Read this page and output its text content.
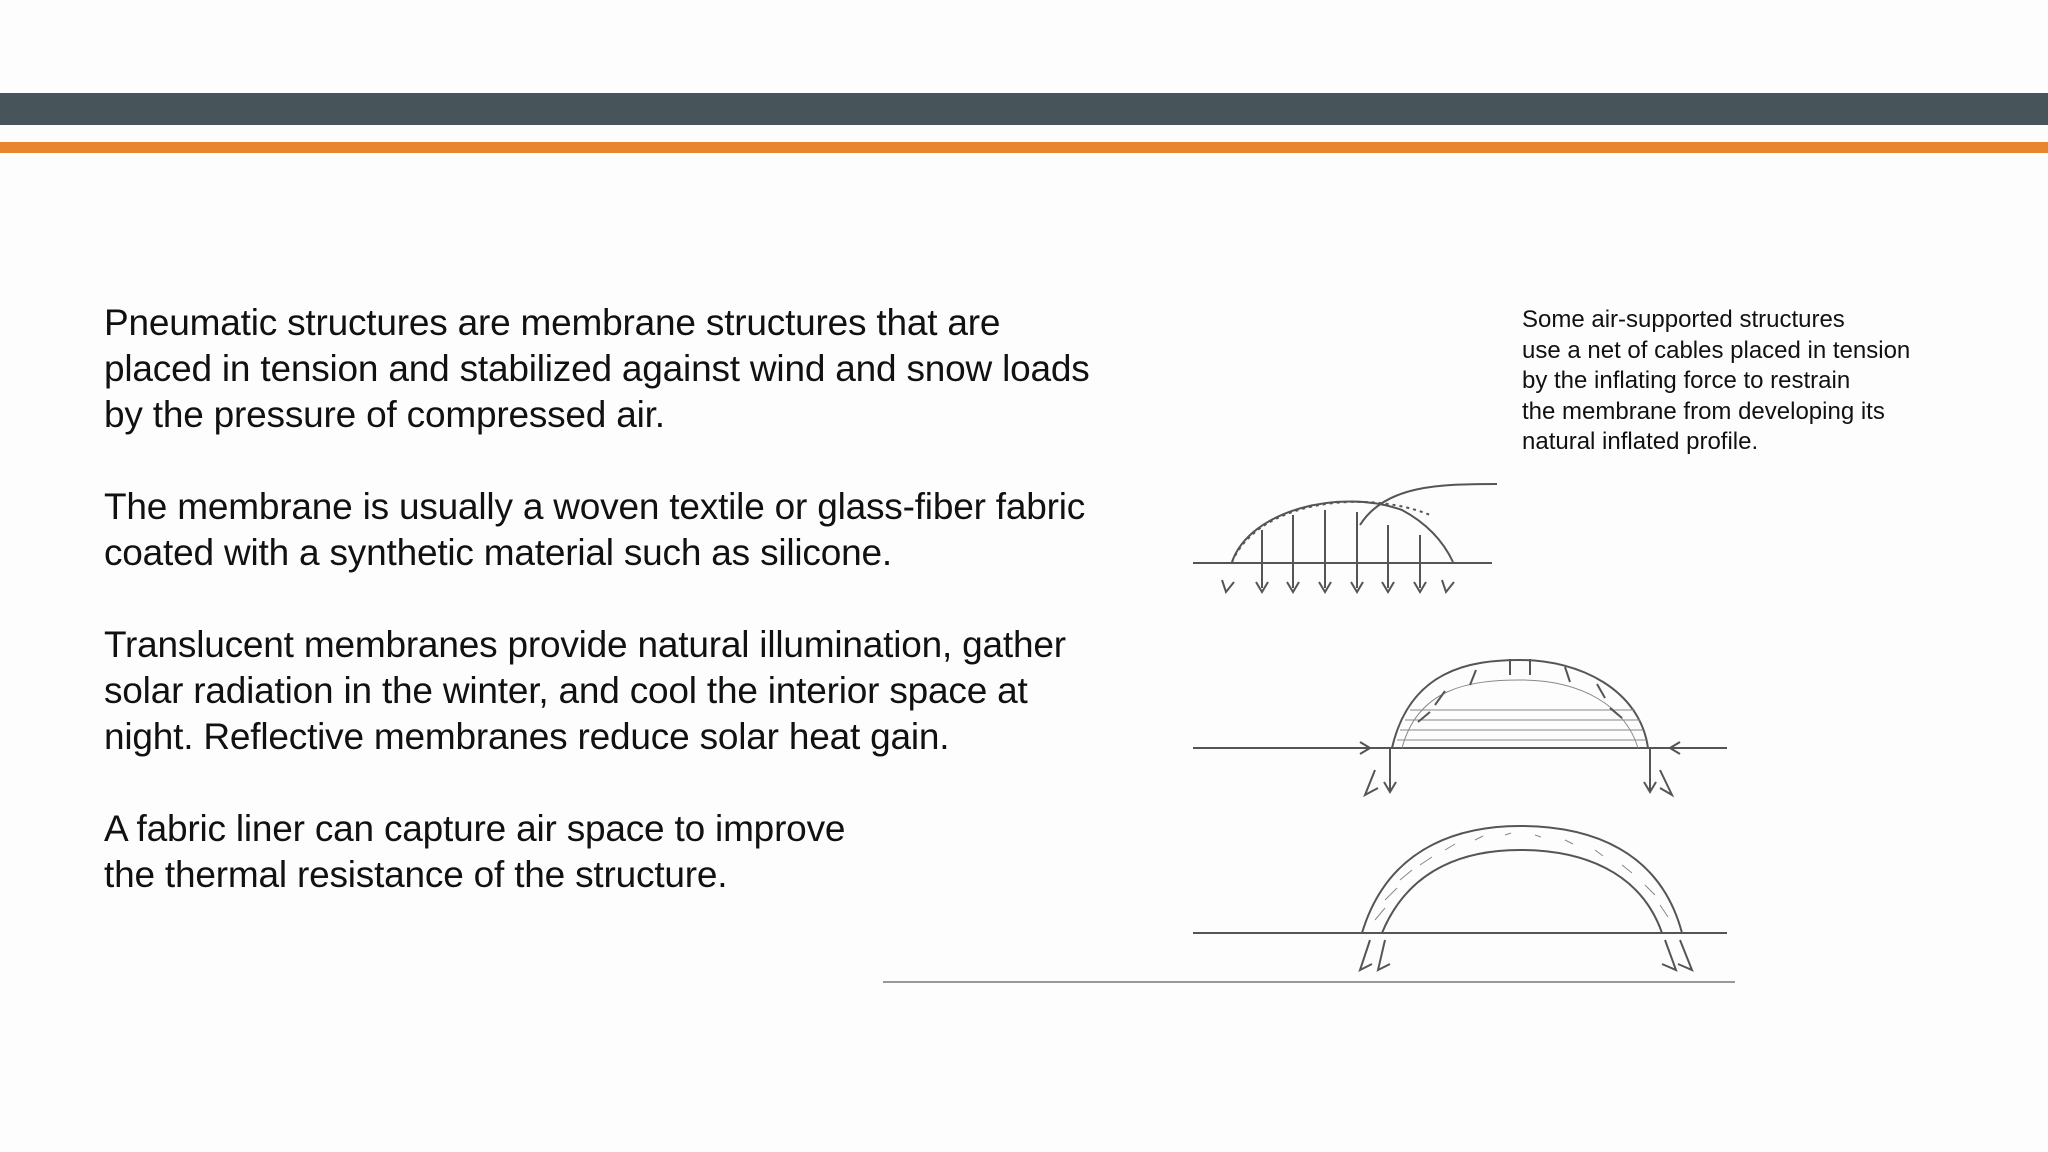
Pneumatic structures are membrane structures that are
placed in tension and stabilized against wind and snow loads
by the pressure of compressed air.

The membrane is usually a woven textile or glass-fiber fabric
coated with a synthetic material such as silicone.

Translucent membranes provide natural illumination, gather
solar radiation in the winter, and cool the interior space at
night. Reflective membranes reduce solar heat gain.

A fabric liner can capture air space to improve
the thermal resistance of the structure.

Some air-supported structures
use a net of cables placed in tension
by the inflating force to restrain
the membrane from developing its
natural inflated profile.
